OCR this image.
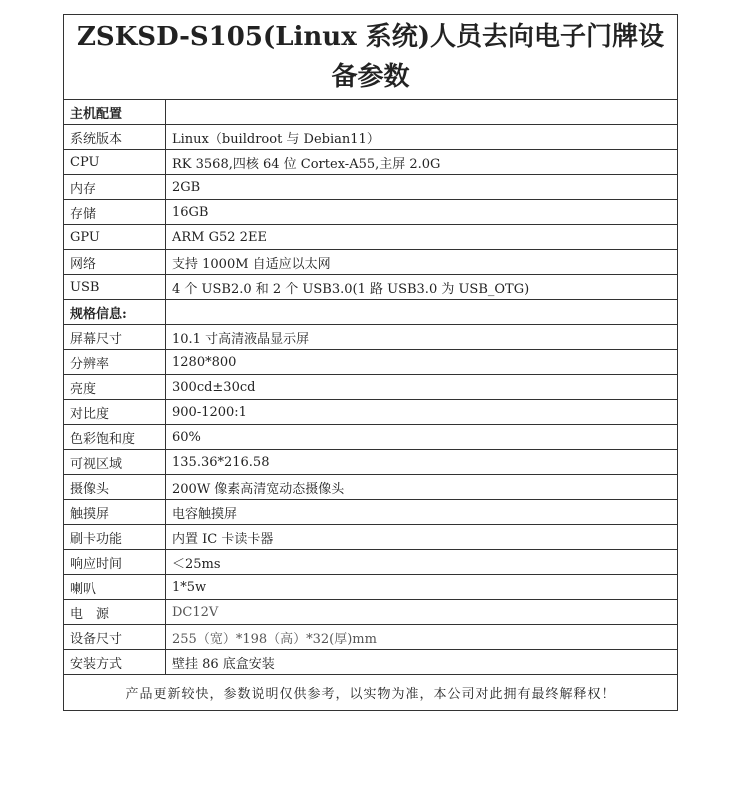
ZSKSD-S105(Linux 系统)人员去向电子门牌设备参数	
主机配置	
系统版本	Linux（buildroot 与 Debian11）
CPU	RK 3568,四核 64 位 Cortex-A55,主屏 2.0G
内存	2GB
存储	16GB
GPU	ARM G52 2EE
网络	支持 1000M 自适应以太网
USB	4 个 USB2.0 和 2 个 USB3.0(1 路 USB3.0 为 USB_OTG)
规格信息:	
屏幕尺寸	10.1 寸高清液晶显示屏
分辨率	1280*800
亮度	300cd±30cd
对比度	900-1200:1
色彩饱和度	60%
可视区域	135.36*216.58
摄像头	200W 像素高清宽动态摄像头
触摸屏	电容触摸屏
刷卡功能	内置 IC 卡读卡器
响应时间	＜25ms
喇叭	1*5w
电　源	DC12V
设备尺寸	255（宽）*198（高）*32(厚)mm
安装方式	壁挂 86 底盒安装
产品更新较快，参数说明仅供参考，以实物为准，本公司对此拥有最终解释权！	
